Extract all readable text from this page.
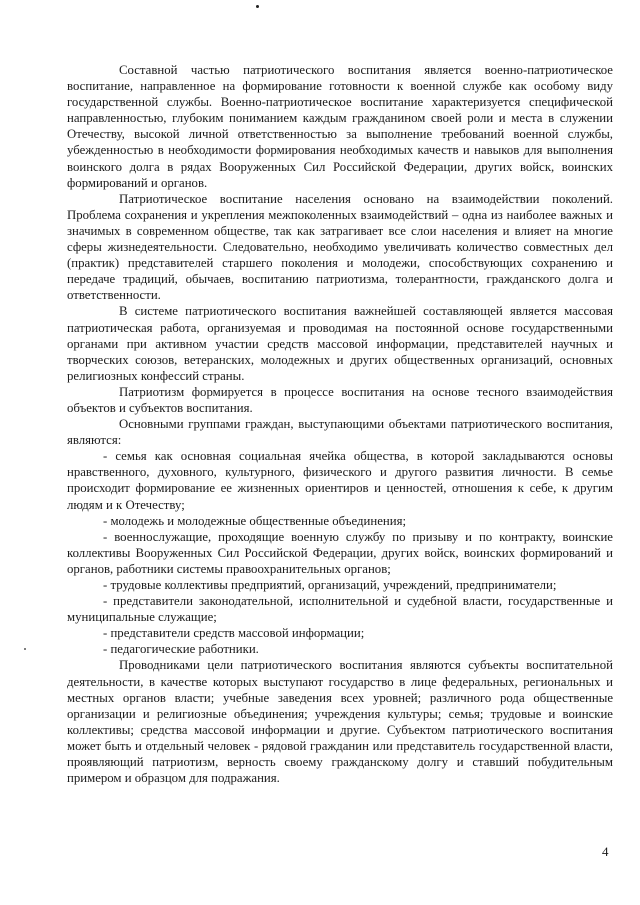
Составной частью патриотического воспитания является военно-патриотическое воспитание, направленное на формирование готовности к военной службе как особому виду государственной службы. Военно-патриотическое воспитание характеризуется специфической направленностью, глубоким пониманием каждым гражданином своей роли и места в служении Отечеству, высокой личной ответственностью за выполнение требований военной службы, убежденностью в необходимости формирования необходимых качеств и навыков для выполнения воинского долга в рядах Вооруженных Сил Российской Федерации, других войск, воинских формирований и органов.

Патриотическое воспитание населения основано на взаимодействии поколений. Проблема сохранения и укрепления межпоколенных взаимодействий – одна из наиболее важных и значимых в современном обществе, так как затрагивает все слои населения и влияет на многие сферы жизнедеятельности. Следовательно, необходимо увеличивать количество совместных дел (практик) представителей старшего поколения и молодежи, способствующих сохранению и передаче традиций, обычаев, воспитанию патриотизма, толерантности, гражданского долга и ответственности.

В системе патриотического воспитания важнейшей составляющей является массовая патриотическая работа, организуемая и проводимая на постоянной основе государственными органами при активном участии средств массовой информации, представителей научных и творческих союзов, ветеранских, молодежных и других общественных организаций, основных религиозных конфессий страны.

Патриотизм формируется в процессе воспитания на основе тесного взаимодействия объектов и субъектов воспитания.

Основными группами граждан, выступающими объектами патриотического воспитания, являются:

- семья как основная социальная ячейка общества, в которой закладываются основы нравственного, духовного, культурного, физического и другого развития личности. В семье происходит формирование ее жизненных ориентиров и ценностей, отношения к себе, к другим людям и к Отечеству;

- молодежь и молодежные общественные объединения;

- военнослужащие, проходящие военную службу по призыву и по контракту, воинские коллективы Вооруженных Сил Российской Федерации, других войск, воинских формирований и органов, работники системы правоохранительных органов;

- трудовые коллективы предприятий, организаций, учреждений, предприниматели;

- представители законодательной, исполнительной и судебной власти, государственные и муниципальные служащие;

- представители средств массовой информации;

- педагогические работники.

Проводниками цели патриотического воспитания являются субъекты воспитательной деятельности, в качестве которых выступают государство в лице федеральных, региональных и местных органов власти; учебные заведения всех уровней; различного рода общественные организации и религиозные объединения; учреждения культуры; семья; трудовые и воинские коллективы; средства массовой информации и другие. Субъектом патриотического воспитания может быть и отдельный человек - рядовой гражданин или представитель государственной власти, проявляющий патриотизм, верность своему гражданскому долгу и ставший побудительным примером и образцом для подражания.

4
